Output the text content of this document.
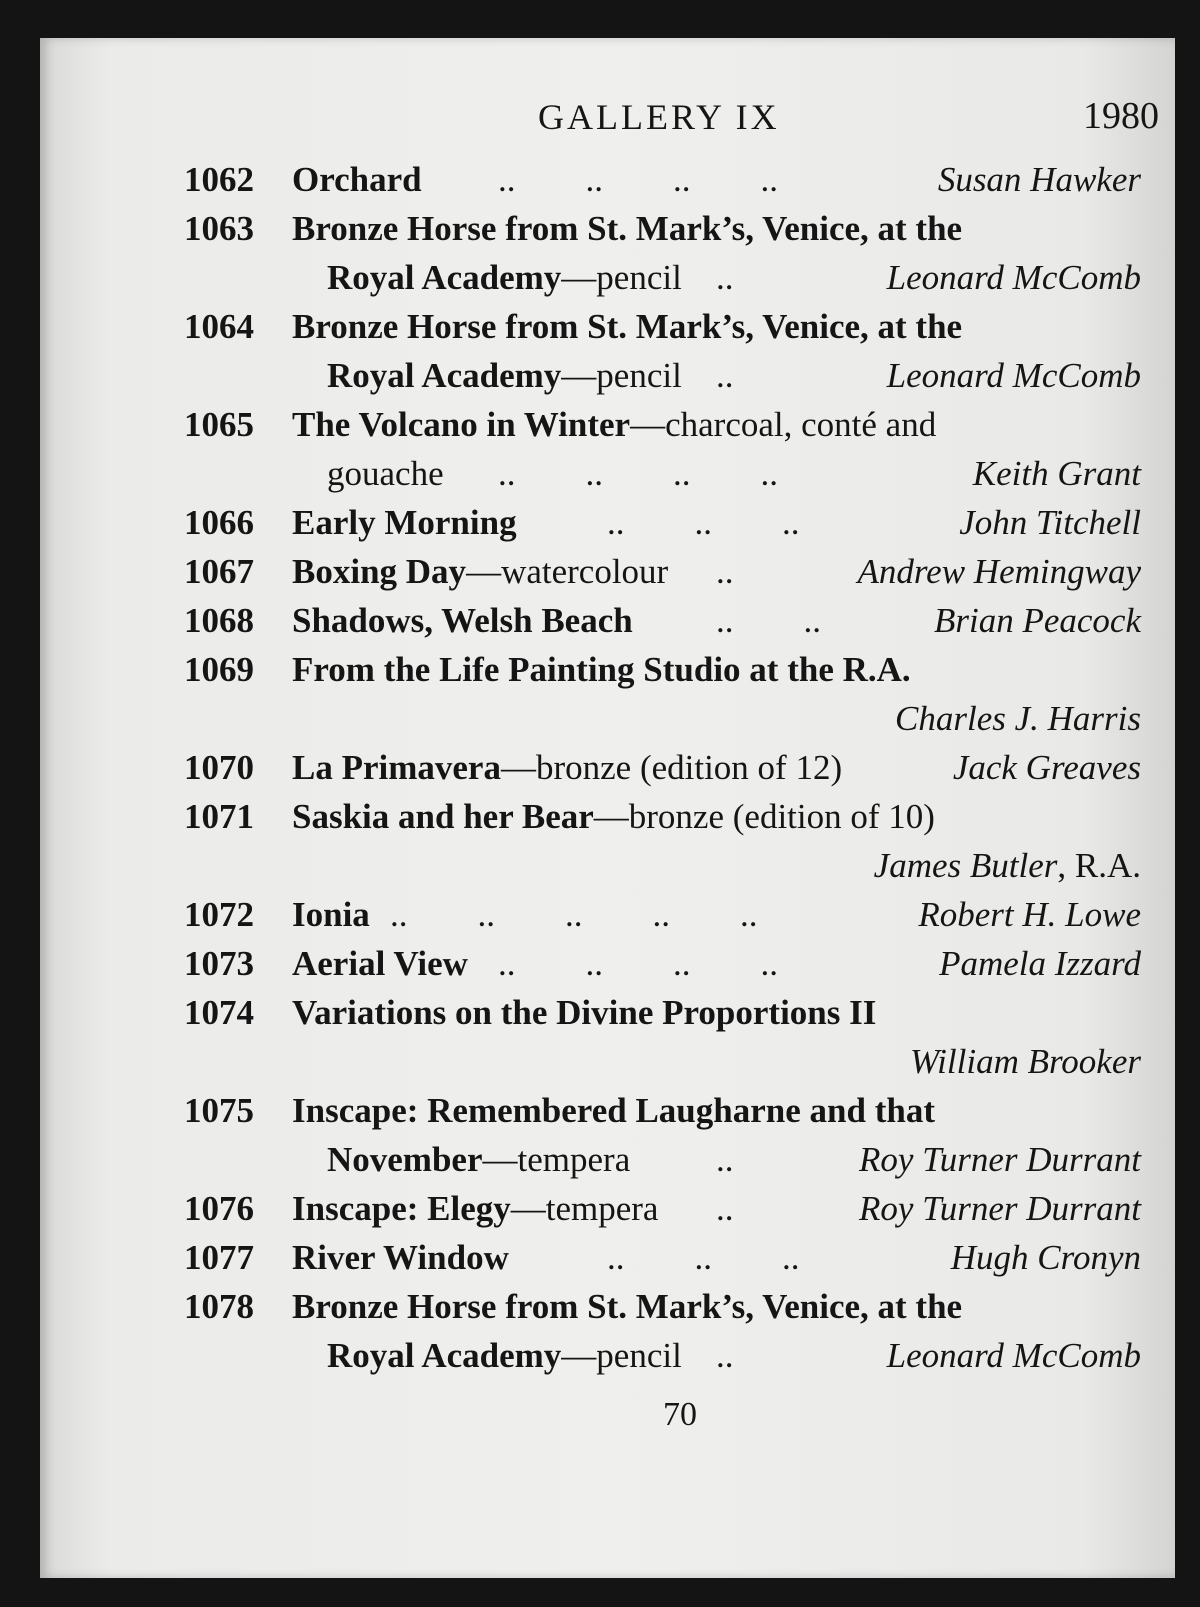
GALLERY IX	1980
1062 Orchard ..        ..        ..        ..	Susan Hawker
1063 Bronze Horse from St. Mark’s, Venice, at the
Royal Academy—pencil ..	Leonard McComb
1064 Bronze Horse from St. Mark’s, Venice, at the
Royal Academy—pencil ..	Leonard McComb
1065 The Volcano in Winter—charcoal, conté and
gouache ..        ..        ..        ..	Keith Grant
1066 Early Morning	..        ..        ..	John Titchell
1067 Boxing Day—watercolour ..	Andrew Hemingway
1068 Shadows, Welsh Beach ..        ..	Brian Peacock
1069 From the Life Painting Studio at the R.A.
Charles J. Harris
1070 La Primavera—bronze (edition of 12)	Jack Greaves
1071 Saskia and her Bear—bronze (edition of 10)
James Butler, R.A.
1072 Ionia ..        ..        ..        ..        ..	Robert H. Lowe
1073 Aerial View ..        ..        ..        ..	Pamela Izzard
1074 Variations on the Divine Proportions II
William Brooker
1075 Inscape: Remembered Laugharne and that
November—tempera ..	Roy Turner Durrant
1076 Inscape: Elegy—tempera ..	Roy Turner Durrant
1077 River Window	..        ..        ..	Hugh Cronyn
1078 Bronze Horse from St. Mark’s, Venice, at the
Royal Academy—pencil ..	Leonard McComb
70
